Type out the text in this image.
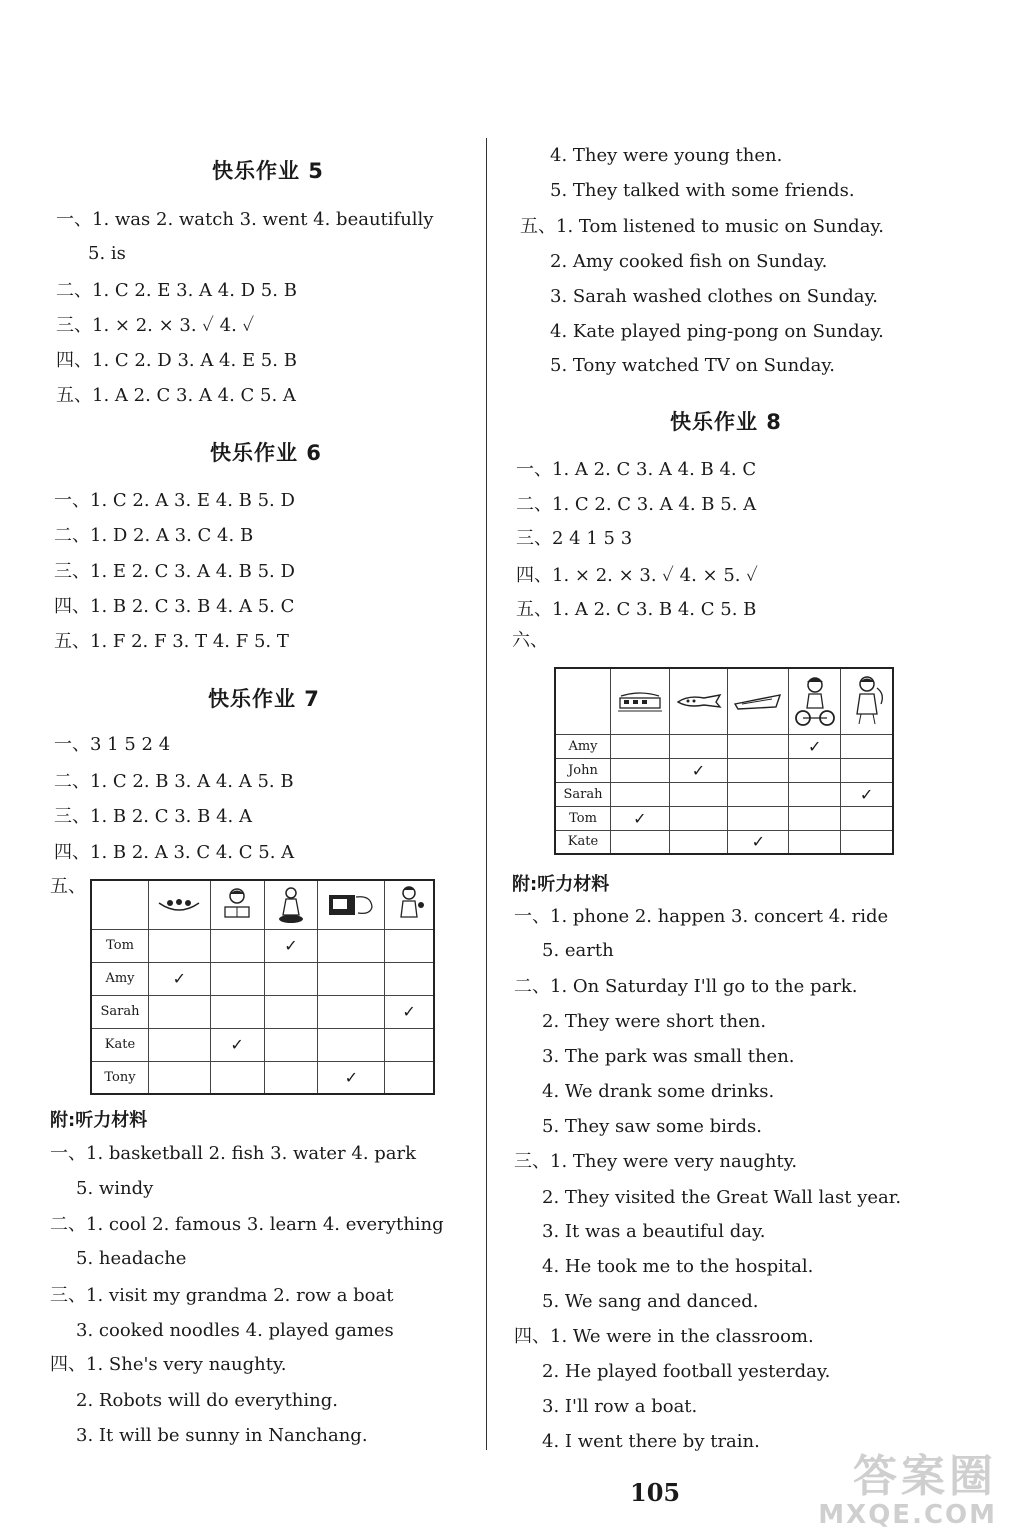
快乐作业 5
一、1. was 2. watch 3. went 4. beautifully
5. is
二、1. C 2. E 3. A 4. D 5. B
三、1. × 2. × 3. ✓ 4. ✓
四、1. C 2. D 3. A 4. E 5. B
五、1. A 2. C 3. A 4. C 5. A
快乐作业 6
一、1. C 2. A 3. E 4. B 5. D
二、1. D 2. A 3. C 4. B
三、1. E 2. C 3. A 4. B 5. D
四、1. B 2. C 3. B 4. A 5. C
五、1. F 2. F 3. T 4. F 5. T
快乐作业 7
一、3 1 5 2 4
二、1. C 2. B 3. A 4. A 5. B
三、1. B 2. C 3. B 4. A
四、1. B 2. A 3. C 4. C 5. A
五、

Tom			✓		
Amy	✓				
Sarah					✓
Kate		✓			
Tony				✓	
附:听力材料
一、1. basketball 2. fish 3. water 4. park
5. windy
二、1. cool 2. famous 3. learn 4. everything
5. headache
三、1. visit my grandma 2. row a boat
3. cooked noodles 4. played games
四、1. She's very naughty.
2. Robots will do everything.
3. It will be sunny in Nanchang.
4. They were young then.
5. They talked with some friends.
五、1. Tom listened to music on Sunday.
2. Amy cooked fish on Sunday.
3. Sarah washed clothes on Sunday.
4. Kate played ping-pong on Sunday.
5. Tony watched TV on Sunday.
快乐作业 8
一、1. A 2. C 3. A 4. B 4. C
二、1. C 2. C 3. A 4. B 5. A
三、2 4 1 5 3
四、1. × 2. × 3. ✓ 4. × 5. ✓
五、1. A 2. C 3. B 4. C 5. B
六、

Amy				✓	
John		✓			
Sarah					✓
Tom	✓				
Kate			✓		
附:听力材料
一、1. phone 2. happen 3. concert 4. ride
5. earth
二、1. On Saturday I'll go to the park.
2. They were short then.
3. The park was small then.
4. We drank some drinks.
5. They saw some birds.
三、1. They were very naughty.
2. They visited the Great Wall last year.
3. It was a beautiful day.
4. He took me to the hospital.
5. We sang and danced.
四、1. We were in the classroom.
2. He played football yesterday.
3. I'll row a boat.
4. I went there by train.
105	答案圈
MXQE.COM
